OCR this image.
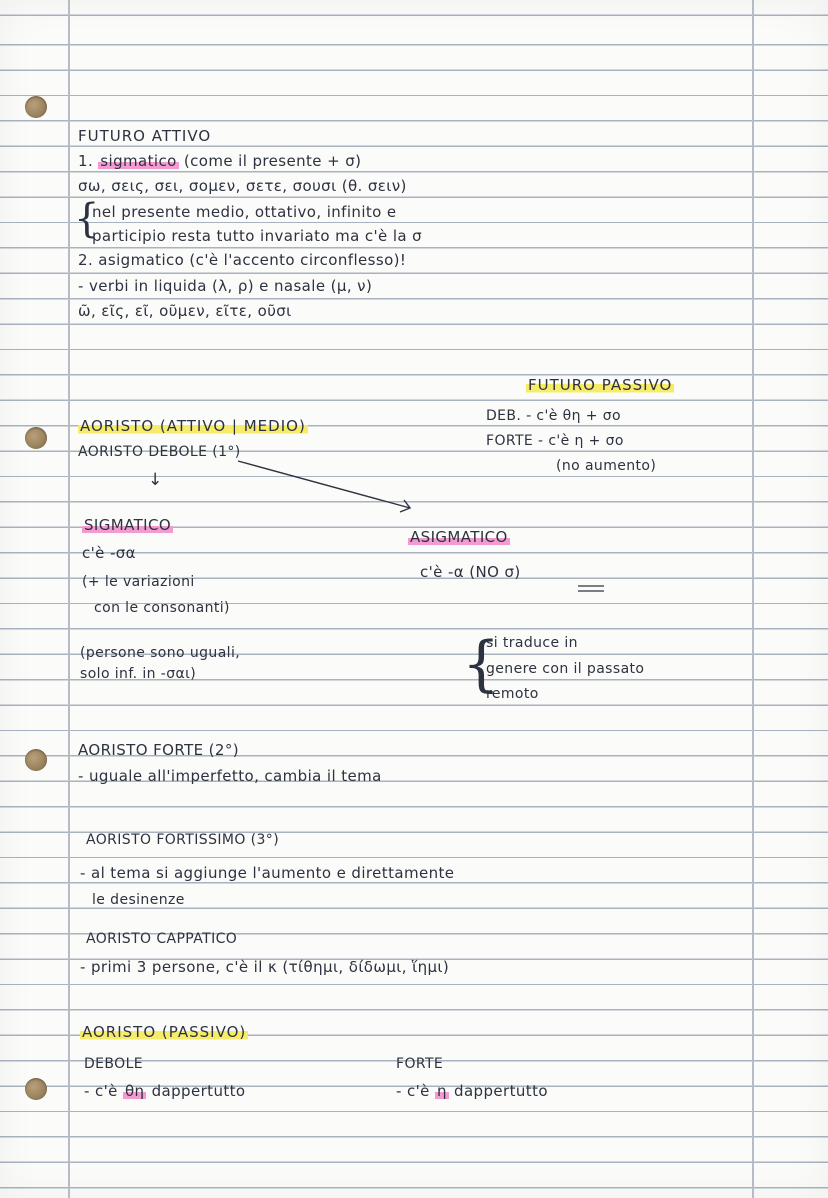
FUTURO ATTIVO
1. sigmatico (come il presente + σ)
σω, σεις, σει, σομεν, σετε, σουσι (θ. σειν)
{
nel presente medio, ottativo, infinito e
participio resta tutto invariato ma c'è la σ
2. asigmatico (c'è l'accento circonflesso)!
- verbi in liquida (λ, ρ) e nasale (μ, ν)
ῶ, εῖς, εῖ, οῦμεν, εῖτε, οῦσι
FUTURO PASSIVO
DEB. - c'è θη + σο
FORTE - c'è η + σο
(no aumento)
AORISTO (ATTIVO | MEDIO)
AORISTO DEBOLE (1°)
↓
SIGMATICO
c'è -σα
(+ le variazioni
con le consonanti)
(persone sono uguali,
solo inf. in -σαι)
ASIGMATICO
c'è -α (NO σ)
{
si traduce in
genere con il passato
remoto
AORISTO FORTE (2°)
- uguale all'imperfetto, cambia il tema
AORISTO FORTISSIMO (3°)
- al tema si aggiunge l'aumento e direttamente
le desinenze
AORISTO CAPPATICO
- primi 3 persone, c'è il κ (τίθημι, δίδωμι, ἵημι)
AORISTO (PASSIVO)
DEBOLE
- c'è θη dappertutto
FORTE
- c'è η dappertutto
